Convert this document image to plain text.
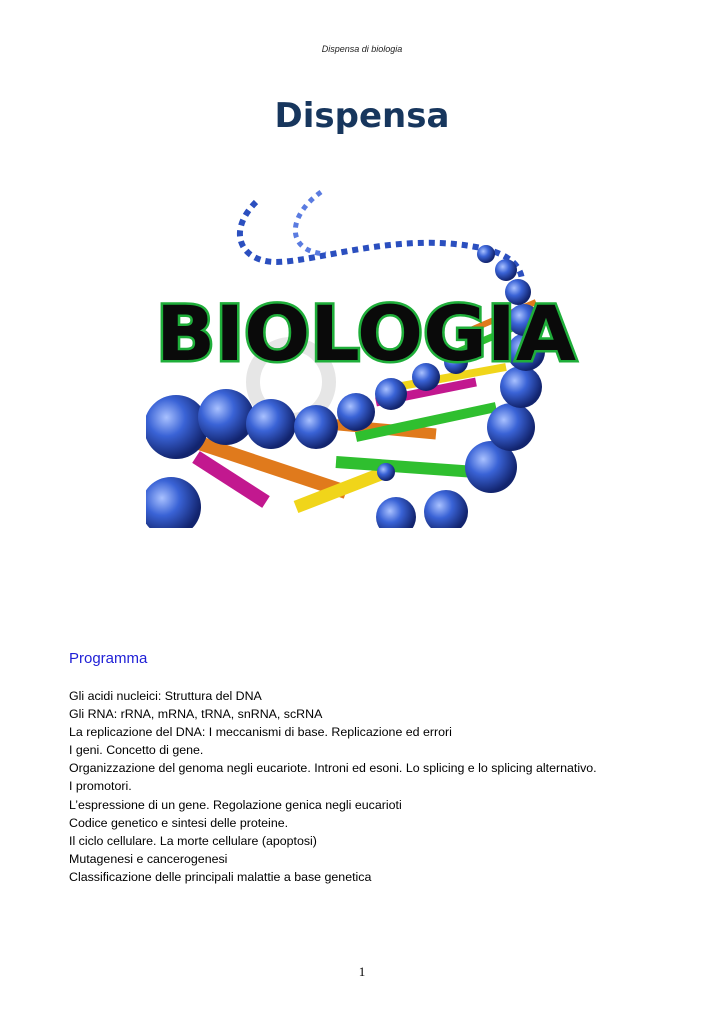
Dispensa di biologia
Dispensa
BIOLOGIA
Programma
Gli acidi nucleici: Struttura del DNA
Gli RNA: rRNA, mRNA, tRNA, snRNA, scRNA
La replicazione del DNA: I meccanismi di base. Replicazione ed errori
I geni. Concetto di gene.
Organizzazione del genoma negli eucariote. Introni ed esoni. Lo splicing e lo splicing alternativo.
I promotori.
L’espressione di un gene. Regolazione genica negli eucarioti
Codice genetico e sintesi delle proteine.
Il ciclo cellulare. La morte cellulare (apoptosi)
Mutagenesi e cancerogenesi
Classificazione delle principali malattie a base genetica
1
